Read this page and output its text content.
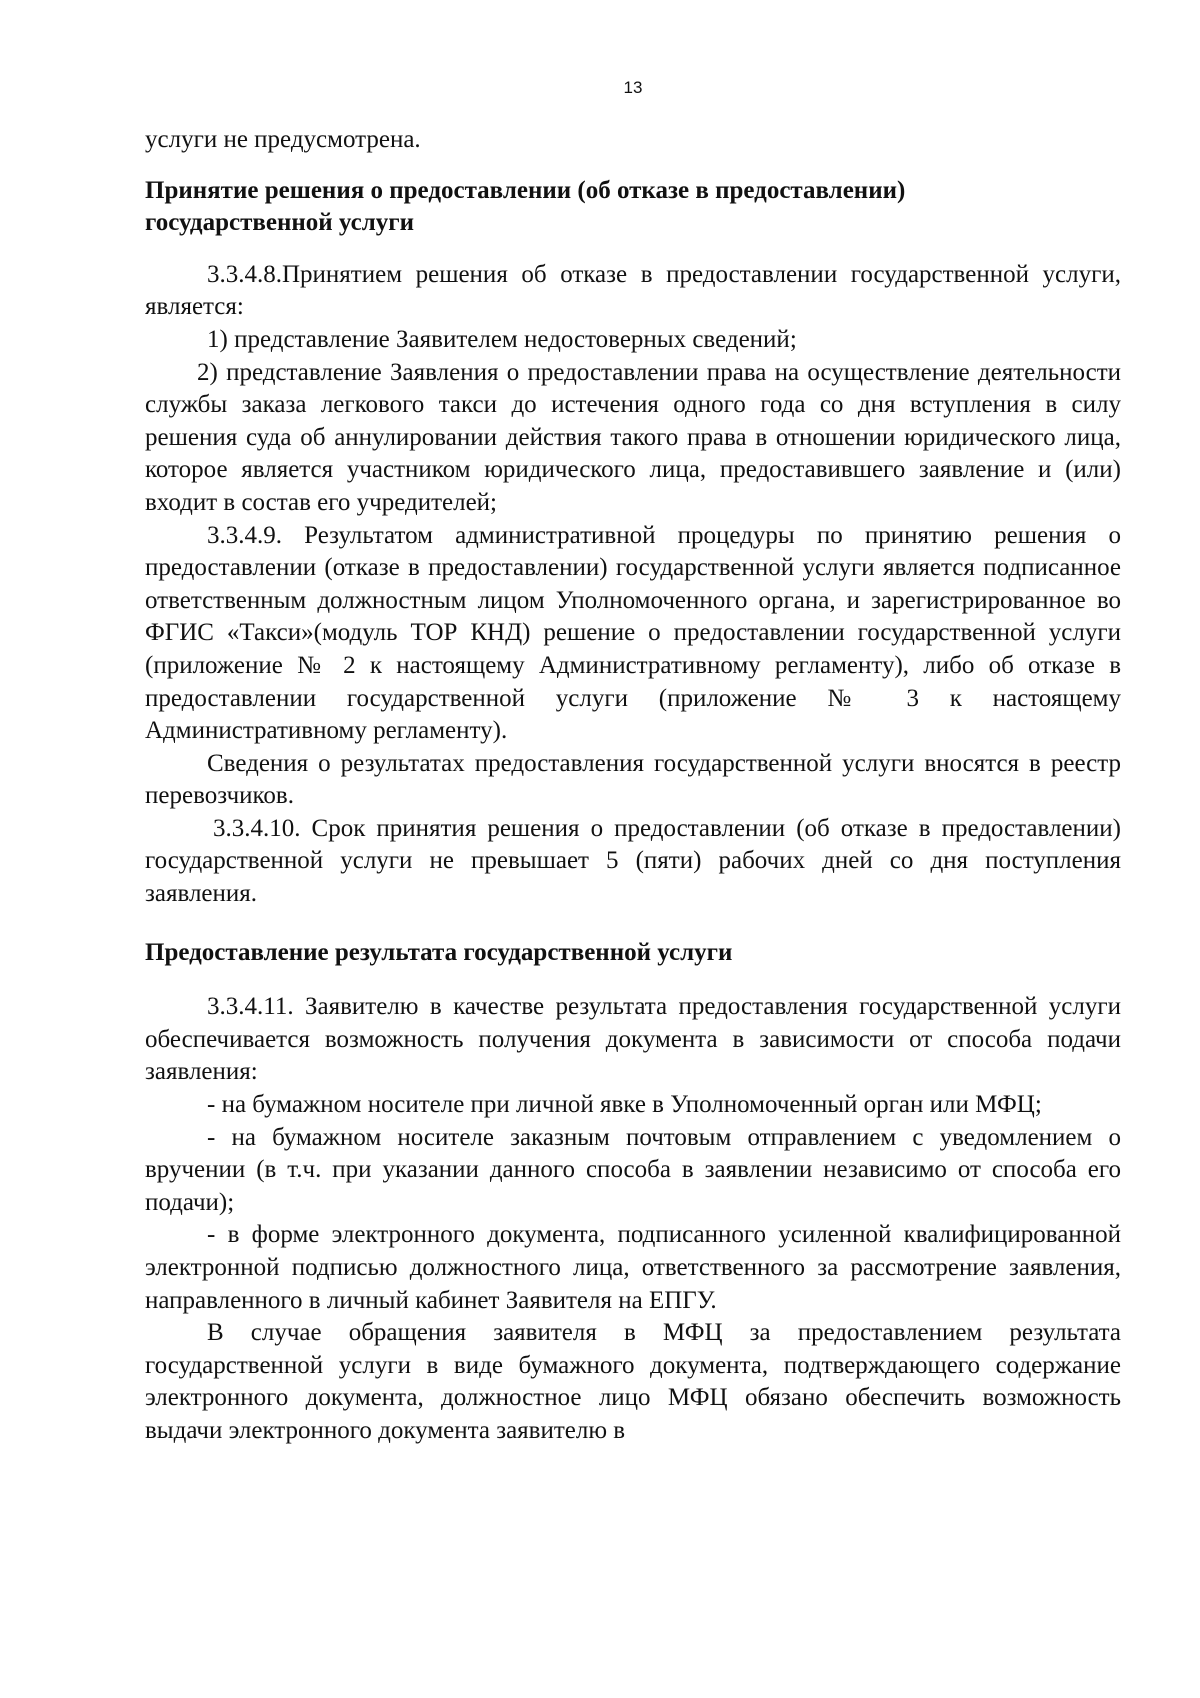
13

услуги не предусмотрена.

Принятие решения о предоставлении (об отказе в предоставлении)
государственной услуги

3.3.4.8.Принятием решения об отказе в предоставлении государственной услуги, является:

1) представление Заявителем недостоверных сведений;

2) представление Заявления о предоставлении права на осуществление деятельности службы заказа легкового такси до истечения одного года со дня вступления в силу решения суда об аннулировании действия такого права в отношении юридического лица, которое является участником юридического лица, предоставившего заявление и (или) входит в состав его учредителей;

3.3.4.9. Результатом административной процедуры по принятию решения о предоставлении (отказе в предоставлении) государственной услуги является подписанное ответственным должностным лицом Уполномоченного органа, и зарегистрированное во ФГИС «Такси»(модуль ТОР КНД) решение о предоставлении государственной услуги (приложение № 2 к настоящему Административному регламенту), либо об отказе в предоставлении государственной услуги (приложение № 3 к настоящему Административному регламенту).

Сведения о результатах предоставления государственной услуги вносятся в реестр перевозчиков.

3.3.4.10. Срок принятия решения о предоставлении (об отказе в предоставлении) государственной услуги не превышает 5 (пяти) рабочих дней со дня поступления заявления.

Предоставление результата государственной услуги

3.3.4.11. Заявителю в качестве результата предоставления государственной услуги обеспечивается возможность получения документа в зависимости от способа подачи заявления:

- на бумажном носителе при личной явке в Уполномоченный орган или МФЦ;

- на бумажном носителе заказным почтовым отправлением с уведомлением о вручении (в т.ч. при указании данного способа в заявлении независимо от способа его подачи);

- в форме электронного документа, подписанного усиленной квалифицированной электронной подписью должностного лица, ответственного за рассмотрение заявления, направленного в личный кабинет Заявителя на ЕПГУ.

В случае обращения заявителя в МФЦ за предоставлением результата государственной услуги в виде бумажного документа, подтверждающего содержание электронного документа, должностное лицо МФЦ обязано обеспечить возможность выдачи электронного документа заявителю в
